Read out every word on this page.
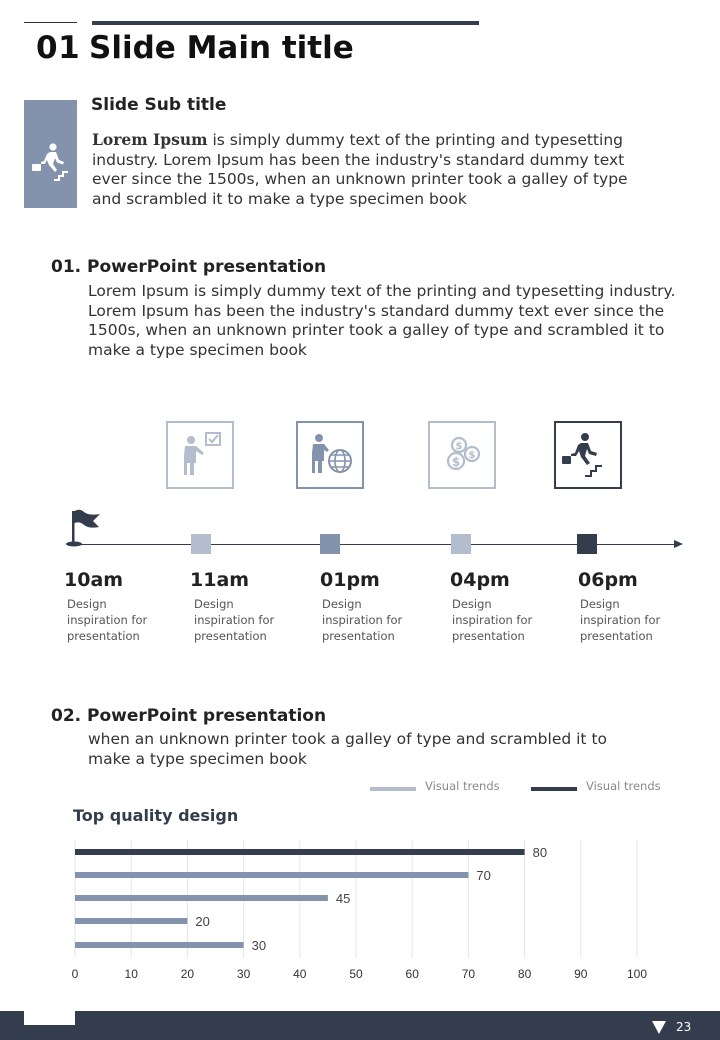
01 Slide Main title
Slide Sub title
Lorem Ipsum is simply dummy text of the printing and typesetting industry. Lorem Ipsum has been the industry's standard dummy text ever since the 1500s, when an unknown printer took a galley of type and scrambled it to make a type specimen book
01. PowerPoint presentation
Lorem Ipsum is simply dummy text of the printing and typesetting industry. Lorem Ipsum has been the industry's standard dummy text ever since the 1500s, when an unknown printer took a galley of type and scrambled it to make a type specimen book
$
$
$
10am
Design inspiration for presentation
11am
Design inspiration for presentation
01pm
Design inspiration for presentation
04pm
Design inspiration for presentation
06pm
Design inspiration for presentation
02. PowerPoint presentation
when an unknown printer took a galley of type and scrambled it to make a type specimen book
Visual trends	Visual trends
Top quality design
0	10	20	30	40	50	60	70	80	90	100
80
70
45
20
30
23
